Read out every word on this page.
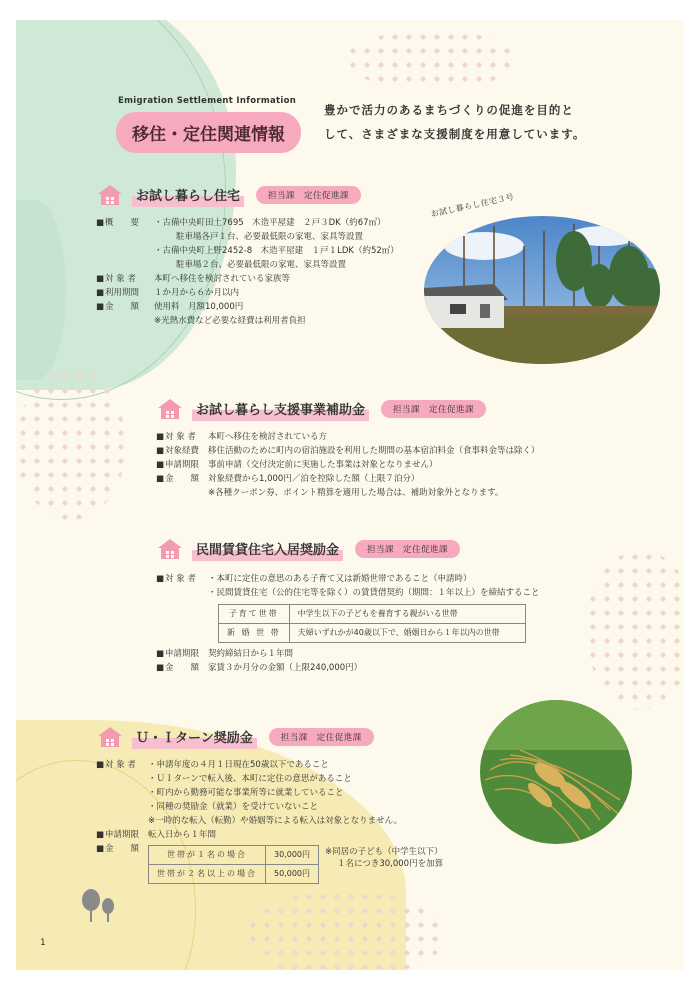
Emigration Settlement Information
移住・定住関連情報
豊かで活力のあるまちづくりの促進を目的と
して、さまざまな支援制度を用意しています。
お試し暮らし住宅	担当課　定住促進課
■ 概　　要	・古備中央町田土7695　木造平屋建　２戸３DK（約67㎡）
駐車場各戸１台、必要最低限の家電、家具等設置
・古備中央町上野2452-8　木造平屋建　１戸１LDK（約52㎡）
駐車場２台、必要最低限の家電、家具等設置
■ 対 象 者	本町へ移住を検討されている家族等
■ 利用期間	１か月から６か月以内
■ 金　　額	使用料　月額10,000円
※光熱水費など必要な経費は利用者負担
お試し暮らし住宅３号
お試し暮らし支援事業補助金	担当課　定住促進課
■ 対 象 者	本町へ移住を検討されている方
■ 対象経費	移住活動のために町内の宿泊施設を利用した期間の基本宿泊料金（食事料金等は除く）
■ 申請期限	事前申請（交付決定前に実施した事業は対象となりません）
■ 金　　額	対象経費から1,000円／泊を控除した額（上限７泊分）
※各種クーポン券、ポイント精算を適用した場合は、補助対象外となります。
民間賃貸住宅入居奨励金	担当課　定住促進課
■ 対 象 者	・本町に定住の意思のある子育て又は新婚世帯であること（申請時）
・民間賃貸住宅（公的住宅等を除く）の賃貸借契約（期間：１年以上）を締結すること
子育て世帯	中学生以下の子どもを養育する親がいる世帯
新 婚 世 帯	夫婦いずれかが40歳以下で、婚姻日から１年以内の世帯
■ 申請期限	契約締結日から１年間
■ 金　　額	家賃３か月分の金額（上限240,000円）
Ｕ・Ｉターン奨励金	担当課　定住促進課
■ 対 象 者	・申請年度の４月１日現在50歳以下であること
・ＵＩターンで転入後、本町に定住の意思があること
・町内から勤務可能な事業所等に就業していること
・同種の奨励金（就業）を受けていないこと
※一時的な転入（転勤）や婚姻等による転入は対象となりません。
■ 申請期限	転入日から１年間
■ 金　　額
世帯が１名の場合	30,000円
世帯が２名以上の場合	50,000円
※同居の子ども（中学生以下）
１名につき30,000円を加算
1
